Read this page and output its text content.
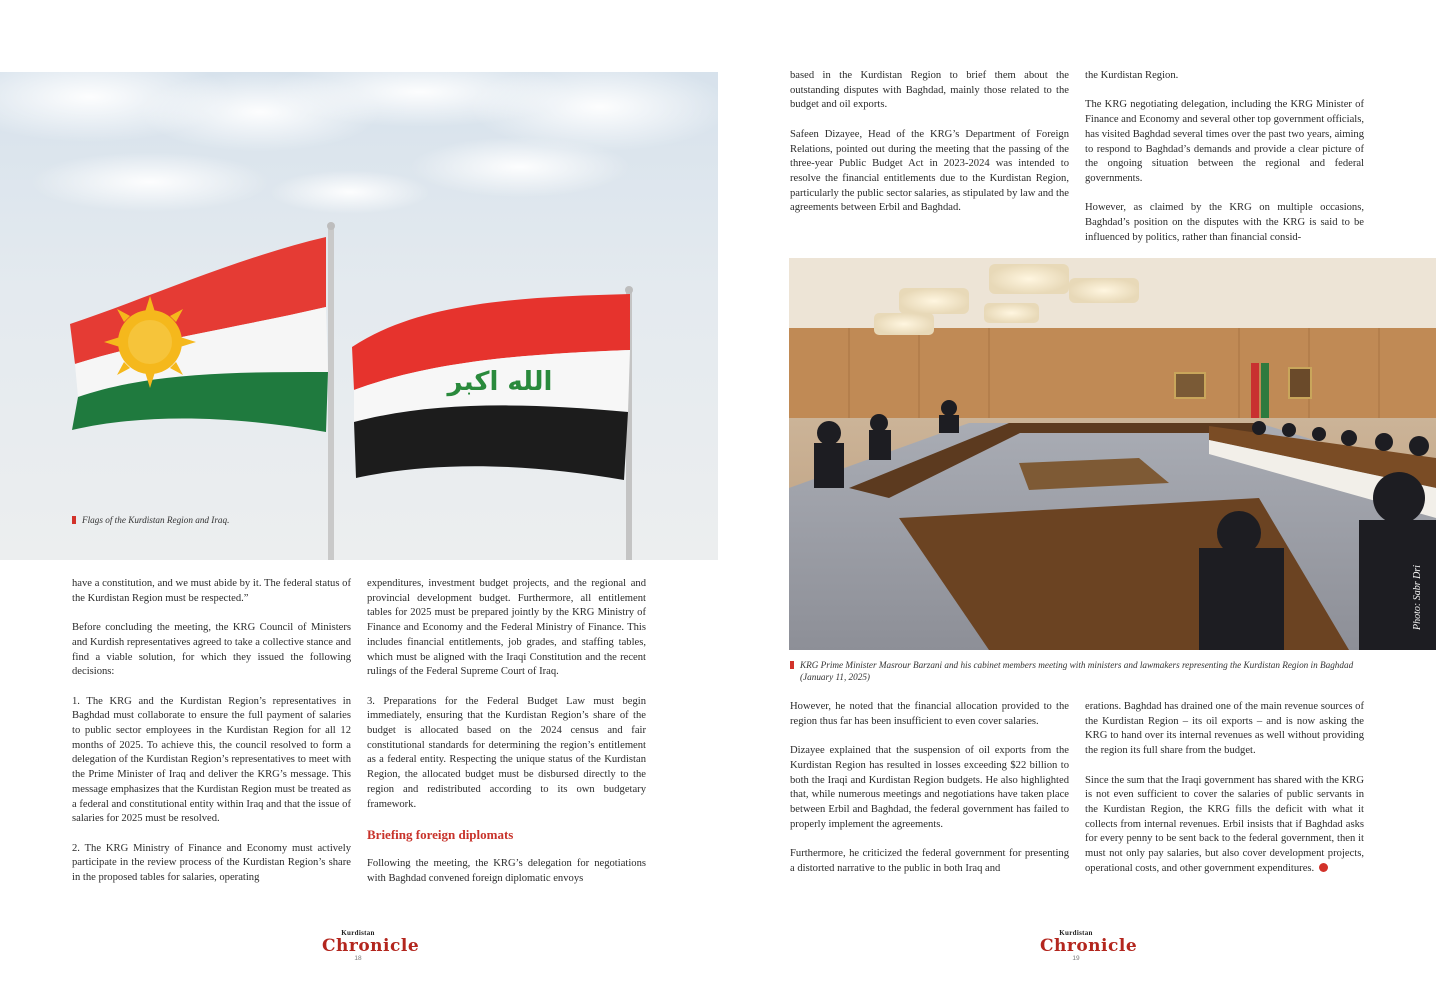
الله اكبر
Flags of the Kurdistan Region and Iraq.

have a constitution, and we must abide by it. The federal status of the Kurdistan Region must be respected.”

Before concluding the meeting, the KRG Council of Ministers and Kurdish representatives agreed to take a collective stance and find a viable solution, for which they issued the following decisions:

1. The KRG and the Kurdistan Region’s representatives in Baghdad must collaborate to ensure the full payment of salaries to public sector employees in the Kurdistan Region for all 12 months of 2025. To achieve this, the council resolved to form a delegation of the Kurdistan Region’s representatives to meet with the Prime Minister of Iraq and deliver the KRG’s message. This message emphasizes that the Kurdistan Region must be treated as a federal and constitutional entity within Iraq and that the issue of salaries for 2025 must be resolved.

2. The KRG Ministry of Finance and Economy must actively participate in the review process of the Kurdistan Region’s share in the proposed tables for salaries, operating

expenditures, investment budget projects, and the regional and provincial development budget. Furthermore, all entitlement tables for 2025 must be prepared jointly by the KRG Ministry of Finance and Economy and the Federal Ministry of Finance. This includes financial entitlements, job grades, and staffing tables, which must be aligned with the Iraqi Constitution and the recent rulings of the Federal Supreme Court of Iraq.

3. Preparations for the Federal Budget Law must begin immediately, ensuring that the Kurdistan Region’s share of the budget is allocated based on the 2024 census and fair constitutional standards for determining the region’s entitlement as a federal entity. Respecting the unique status of the Kurdistan Region, the allocated budget must be disbursed directly to the region and redistributed according to its own budgetary framework.

Briefing foreign diplomats

Following the meeting, the KRG’s delegation for negotiations with Baghdad convened foreign diplomatic envoys

Kurdistan
Chronicle
18

based in the Kurdistan Region to brief them about the outstanding disputes with Baghdad, mainly those related to the budget and oil exports.

Safeen Dizayee, Head of the KRG’s Department of Foreign Relations, pointed out during the meeting that the passing of the three-year Public Budget Act in 2023-2024 was intended to resolve the financial entitlements due to the Kurdistan Region, particularly the public sector salaries, as stipulated by law and the agreements between Erbil and Baghdad.

the Kurdistan Region.

The KRG negotiating delegation, including the KRG Minister of Finance and Economy and several other top government officials, has visited Baghdad several times over the past two years, aiming to respond to Baghdad’s demands and provide a clear picture of the ongoing situation between the regional and federal governments.

However, as claimed by the KRG on multiple occasions, Baghdad’s position on the disputes with the KRG is said to be influenced by politics, rather than financial consid-

Photo: Sabr Dri
KRG Prime Minister Masrour Barzani and his cabinet members meeting with ministers and lawmakers representing the Kurdistan Region in Baghdad (January 11, 2025)

However, he noted that the financial allocation provided to the region thus far has been insufficient to even cover salaries.

Dizayee explained that the suspension of oil exports from the Kurdistan Region has resulted in losses exceeding $22 billion to both the Iraqi and Kurdistan Region budgets. He also highlighted that, while numerous meetings and negotiations have taken place between Erbil and Baghdad, the federal government has failed to properly implement the agreements.

Furthermore, he criticized the federal government for presenting a distorted narrative to the public in both Iraq and

erations. Baghdad has drained one of the main revenue sources of the Kurdistan Region – its oil exports – and is now asking the KRG to hand over its internal revenues as well without providing the region its full share from the budget.

Since the sum that the Iraqi government has shared with the KRG is not even sufficient to cover the salaries of public servants in the Kurdistan Region, the KRG fills the deficit with what it collects from internal revenues. Erbil insists that if Baghdad asks for every penny to be sent back to the federal government, then it must not only pay salaries, but also cover development projects, operational costs, and other government expenditures.

Kurdistan
Chronicle
19
